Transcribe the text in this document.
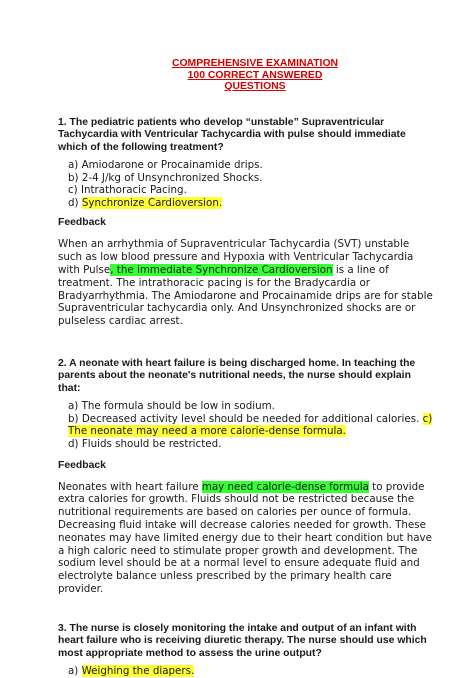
COMPREHENSIVE EXAMINATION
100 CORRECT ANSWERED
QUESTIONS

1. The pediatric patients who develop “unstable” Supraventricular Tachycardia with Ventricular Tachycardia with pulse should immediate which of the following treatment?

a) Amiodarone or Procainamide drips.
b) 2-4 J/kg of Unsynchronized Shocks.
c) Intrathoracic Pacing.
d) Synchronize Cardioversion.

Feedback

When an arrhythmia of Supraventricular Tachycardia (SVT) unstable such as low blood pressure and Hypoxia with Ventricular Tachycardia with Pulse, the immediate Synchronize Cardioversion is a line of treatment. The intrathoracic pacing is for the Bradycardia or Bradyarrhythmia. The Amiodarone and Procainamide drips are for stable Supraventricular tachycardia only. And Unsynchronized shocks are or pulseless cardiac arrest.

2. A neonate with heart failure is being discharged home. In teaching the parents about the neonate's nutritional needs, the nurse should explain that:

a) The formula should be low in sodium.
b) Decreased activity level should be needed for additional calories. c) The neonate may need a more calorie-dense formula.
d) Fluids should be restricted.

Feedback

Neonates with heart failure may need calorie-dense formula to provide extra calories for growth. Fluids should not be restricted because the nutritional requirements are based on calories per ounce of formula. Decreasing fluid intake will decrease calories needed for growth. These neonates may have limited energy due to their heart condition but have a high caloric need to stimulate proper growth and development. The sodium level should be at a normal level to ensure adequate fluid and electrolyte balance unless prescribed by the primary health care provider.

3. The nurse is closely monitoring the intake and output of an infant with heart failure who is receiving diuretic therapy. The nurse should use which most appropriate method to assess the urine output?

a) Weighing the diapers.
